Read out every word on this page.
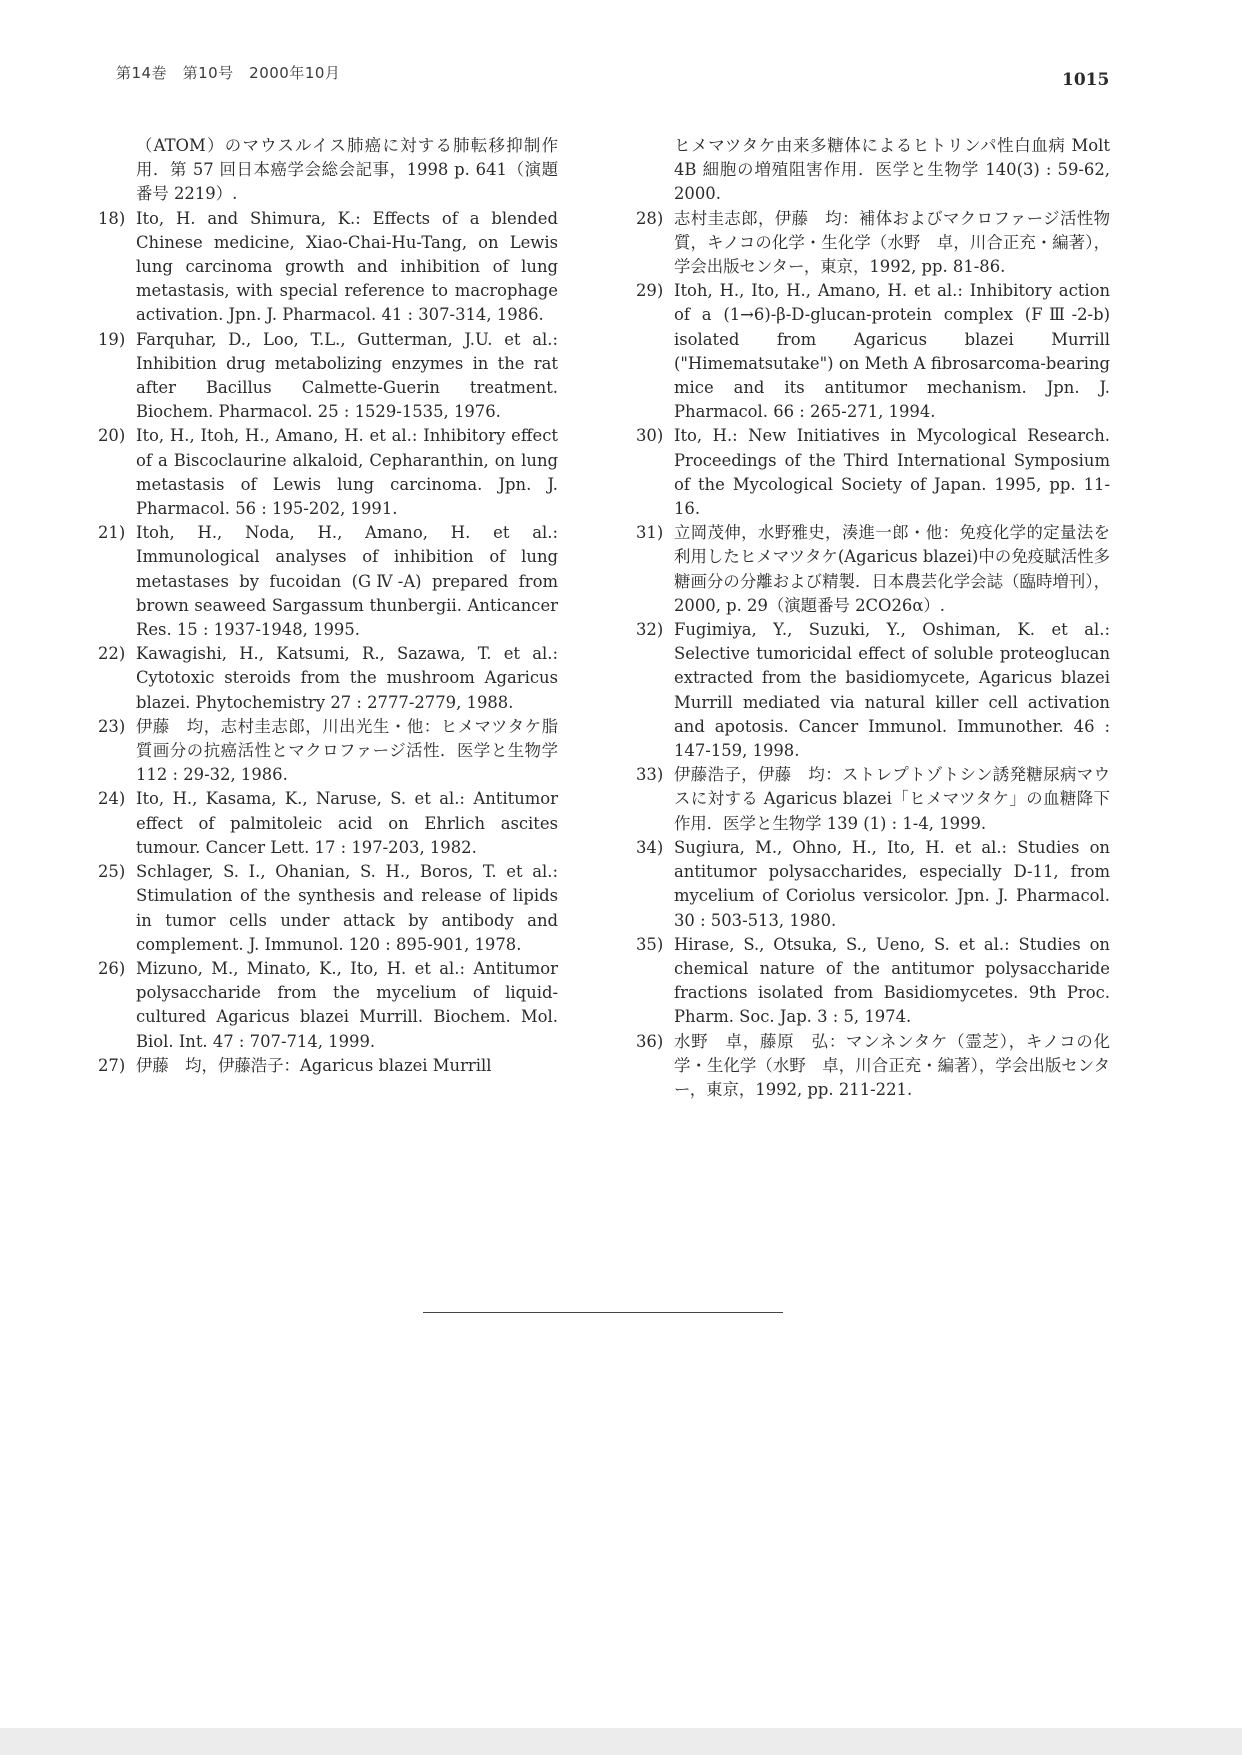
第14巻　第10号　2000年10月	1015
（ATOM）のマウスルイス肺癌に対する肺転移抑制作用．第 57 回日本癌学会総会記事，1998 p. 641（演題番号 2219）.
18) Ito, H. and Shimura, K.: Effects of a blended Chinese medicine, Xiao-Chai-Hu-Tang, on Lewis lung carcinoma growth and inhibition of lung metastasis, with special reference to macrophage activation. Jpn. J. Pharmacol. 41 : 307-314, 1986.
19) Farquhar, D., Loo, T.L., Gutterman, J.U. et al.: Inhibition drug metabolizing enzymes in the rat after Bacillus Calmette-Guerin treatment. Biochem. Pharmacol. 25 : 1529-1535, 1976.
20) Ito, H., Itoh, H., Amano, H. et al.: Inhibitory effect of a Biscoclaurine alkaloid, Cepharanthin, on lung metastasis of Lewis lung carcinoma. Jpn. J. Pharmacol. 56 : 195-202, 1991.
21) Itoh, H., Noda, H., Amano, H. et al.: Immunological analyses of inhibition of lung metastases by fucoidan (GⅣ-A) prepared from brown seaweed Sargassum thunbergii. Anticancer Res. 15 : 1937-1948, 1995.
22) Kawagishi, H., Katsumi, R., Sazawa, T. et al.: Cytotoxic steroids from the mushroom Agaricus blazei. Phytochemistry 27 : 2777-2779, 1988.
23) 伊藤　均，志村圭志郎，川出光生・他：ヒメマツタケ脂質画分の抗癌活性とマクロファージ活性．医学と生物学 112 : 29-32, 1986.
24) Ito, H., Kasama, K., Naruse, S. et al.: Antitumor effect of palmitoleic acid on Ehrlich ascites tumour. Cancer Lett. 17 : 197-203, 1982.
25) Schlager, S. I., Ohanian, S. H., Boros, T. et al.: Stimulation of the synthesis and release of lipids in tumor cells under attack by antibody and complement. J. Immunol. 120 : 895-901, 1978.
26) Mizuno, M., Minato, K., Ito, H. et al.: Antitumor polysaccharide from the mycelium of liquid-cultured Agaricus blazei Murrill. Biochem. Mol. Biol. Int. 47 : 707-714, 1999.
27) 伊藤　均，伊藤浩子：Agaricus blazei Murrill
ヒメマツタケ由来多糖体によるヒトリンパ性白血病 Molt 4B 細胞の増殖阻害作用．医学と生物学 140(3) : 59-62, 2000.
28) 志村圭志郎，伊藤　均：補体およびマクロファージ活性物質，キノコの化学・生化学（水野　卓，川合正充・編著），学会出版センター，東京，1992, pp. 81-86.
29) Itoh, H., Ito, H., Amano, H. et al.: Inhibitory action of a (1→6)-β-D-glucan-protein complex (FⅢ-2-b) isolated from Agaricus blazei Murrill ("Himematsutake") on Meth A fibrosarcoma-bearing mice and its antitumor mechanism. Jpn. J. Pharmacol. 66 : 265-271, 1994.
30) Ito, H.: New Initiatives in Mycological Research. Proceedings of the Third International Symposium of the Mycological Society of Japan. 1995, pp. 11-16.
31) 立岡茂伸，水野雅史，湊進一郎・他：免疫化学的定量法を利用したヒメマツタケ(Agaricus blazei)中の免疫賦活性多糖画分の分離および精製．日本農芸化学会誌（臨時増刊），2000, p. 29（演題番号 2CO26α）.
32) Fugimiya, Y., Suzuki, Y., Oshiman, K. et al.: Selective tumoricidal effect of soluble proteoglucan extracted from the basidiomycete, Agaricus blazei Murrill mediated via natural killer cell activation and apotosis. Cancer Immunol. Immunother. 46 : 147-159, 1998.
33) 伊藤浩子，伊藤　均：ストレプトゾトシン誘発糖尿病マウスに対する Agaricus blazei「ヒメマツタケ」の血糖降下作用．医学と生物学 139 (1) : 1-4, 1999.
34) Sugiura, M., Ohno, H., Ito, H. et al.: Studies on antitumor polysaccharides, especially D-11, from mycelium of Coriolus versicolor. Jpn. J. Pharmacol. 30 : 503-513, 1980.
35) Hirase, S., Otsuka, S., Ueno, S. et al.: Studies on chemical nature of the antitumor polysaccharide fractions isolated from Basidiomycetes. 9th Proc. Pharm. Soc. Jap. 3 : 5, 1974.
36) 水野　卓，藤原　弘：マンネンタケ（霊芝），キノコの化学・生化学（水野　卓，川合正充・編著），学会出版センター，東京，1992, pp. 211-221.
